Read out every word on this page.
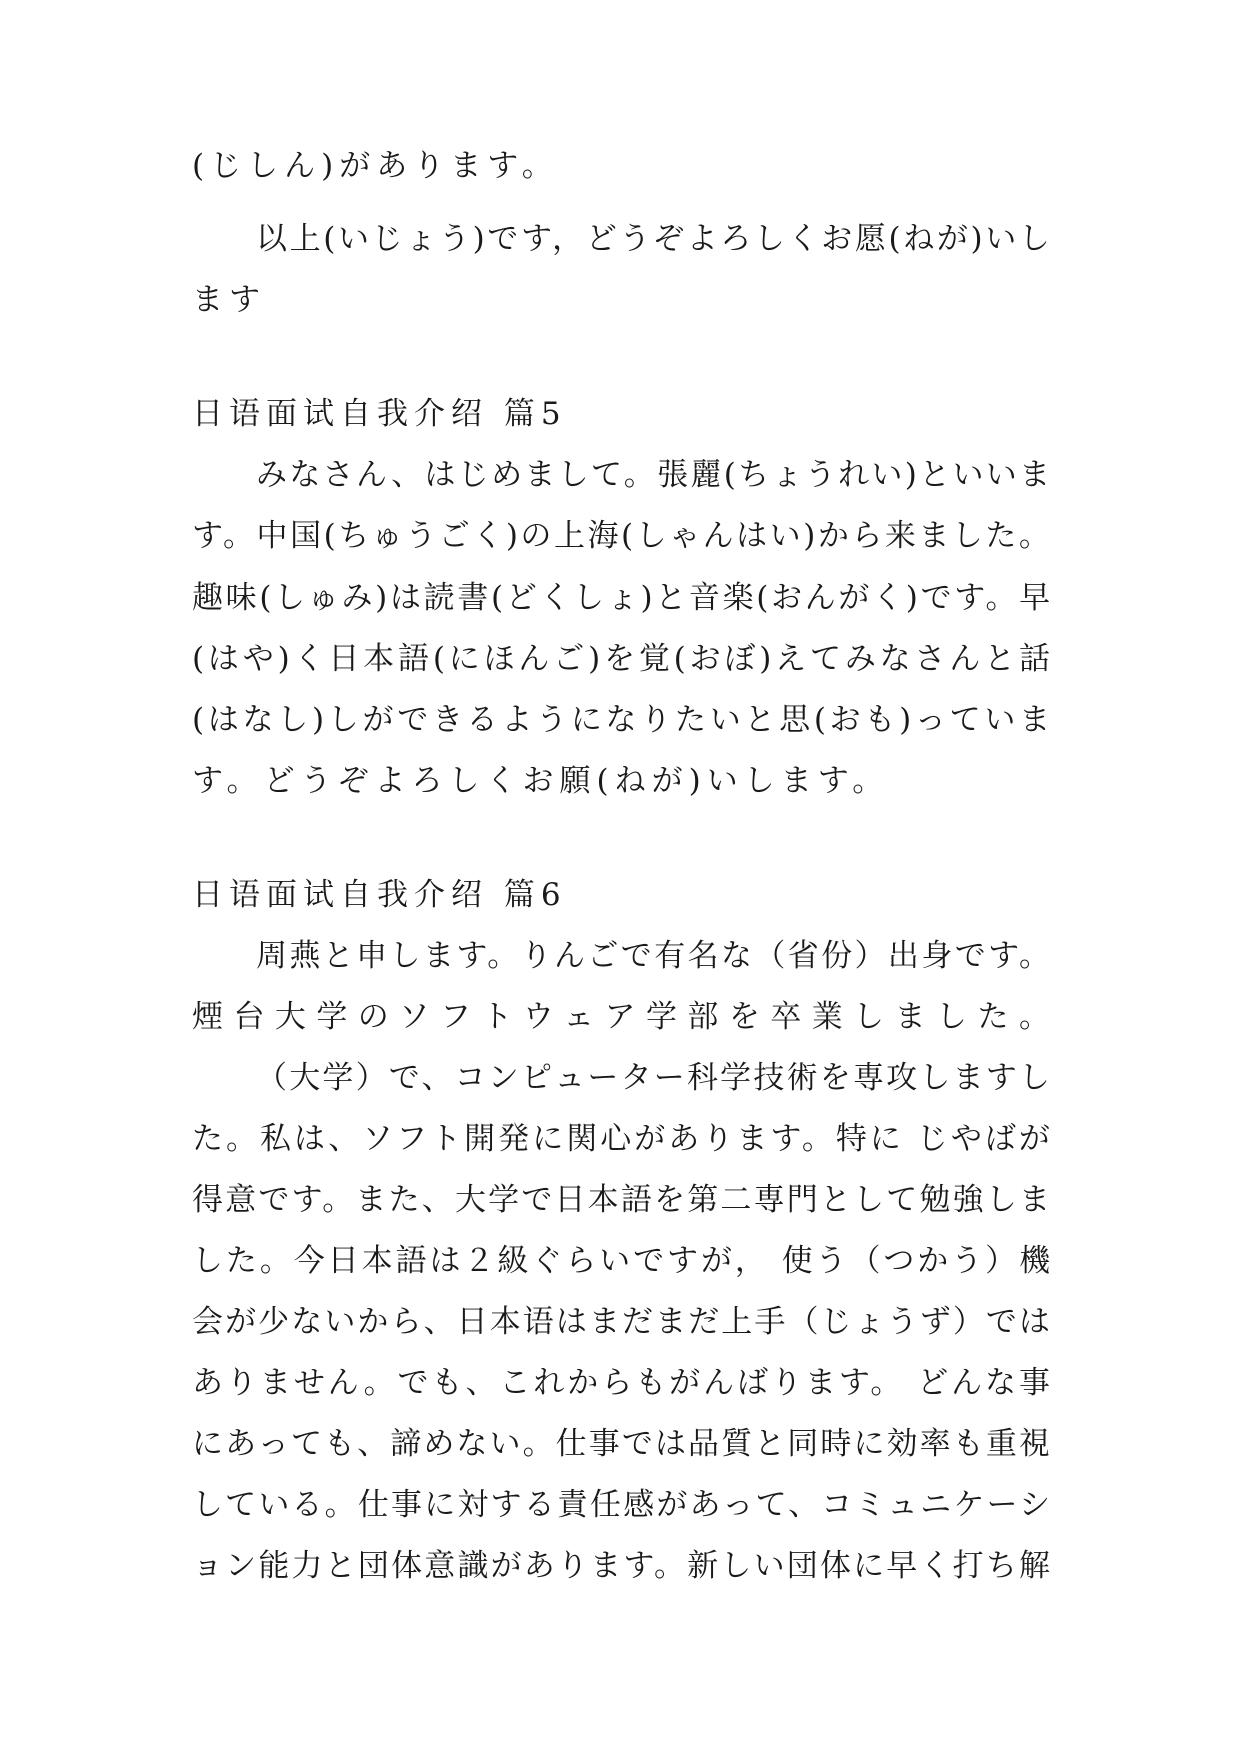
(じしん)があります。
以上(いじょう)です，どうぞよろしくお愿(ねが)いし
ます
日语面试自我介绍 篇5
みなさん、はじめまして。張麗(ちょうれい)といいま
す。中国(ちゅうごく)の上海(しゃんはい)から来ました。
趣味(しゅみ)は読書(どくしょ)と音楽(おんがく)です。早
(はや)く日本語(にほんご)を覚(おぼ)えてみなさんと話
(はなし)しができるようになりたいと思(おも)っていま
す。どうぞよろしくお願(ねが)いします。
日语面试自我介绍 篇6
周燕と申します。りんごで有名な（省份）出身です。
煙台大学のソフトウェア学部を卒業しました。
（大学）で、コンピューター科学技術を専攻しますし
た。私は、ソフト開発に関心があります。特に じやばが
得意です。また、大学で日本語を第二専門として勉強しま
した。今日本語は２級ぐらいですが， 使う（つかう）機
会が少ないから、日本语はまだまだ上手（じょうず）では
ありません。でも、これからもがんばります。 どんな事
にあっても、諦めない。仕事では品質と同時に効率も重視
している。仕事に対する責任感があって、コミュニケーシ
ョン能力と団体意識があります。新しい団体に早く打ち解
